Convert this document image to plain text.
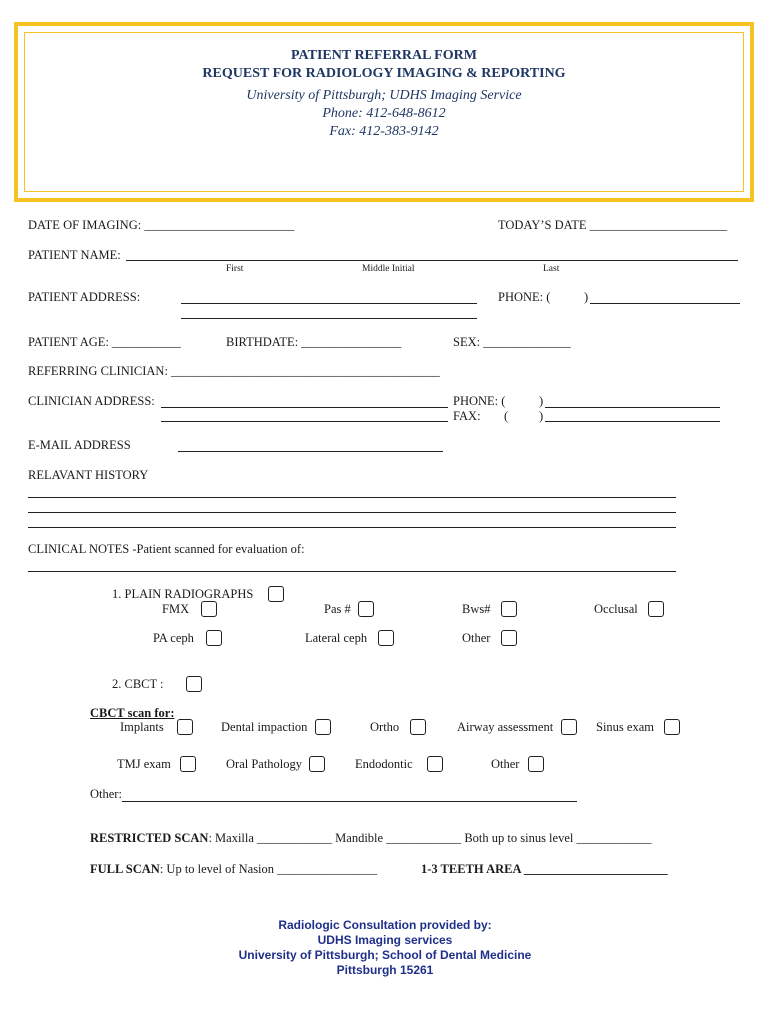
PATIENT REFERRAL FORM
REQUEST FOR RADIOLOGY IMAGING & REPORTING
University of Pittsburgh; UDHS Imaging Service
Phone: 412-648-8612
Fax: 412-383-9142
DATE OF IMAGING: ________________________	TODAY’S DATE ______________________
PATIENT NAME:
First	Middle Initial	Last
PATIENT ADDRESS:	PHONE: (	)
PATIENT AGE: ___________	BIRTHDATE: ________________	SEX: ______________
REFERRING CLINICIAN: ___________________________________________
CLINICIAN ADDRESS:	PHONE: (	)
FAX: ( )
E-MAIL ADDRESS
RELAVANT HISTORY
CLINICAL NOTES -Patient scanned for evaluation of:
1. PLAIN RADIOGRAPHS
FMX	Pas #	Bws#	Occlusal
PA ceph	Lateral ceph	Other
2. CBCT :
CBCT scan for:
Implants	Dental impaction	Ortho	Airway assessment	Sinus exam
TMJ exam	Oral Pathology	Endodontic	Other
Other:
RESTRICTED SCAN: Maxilla ____________ Mandible ____________ Both up to sinus level ____________
FULL SCAN: Up to level of Nasion ________________	1-3 TEETH AREA _______________________
Radiologic Consultation provided by:
UDHS Imaging services
University of Pittsburgh; School of Dental Medicine
Pittsburgh 15261
